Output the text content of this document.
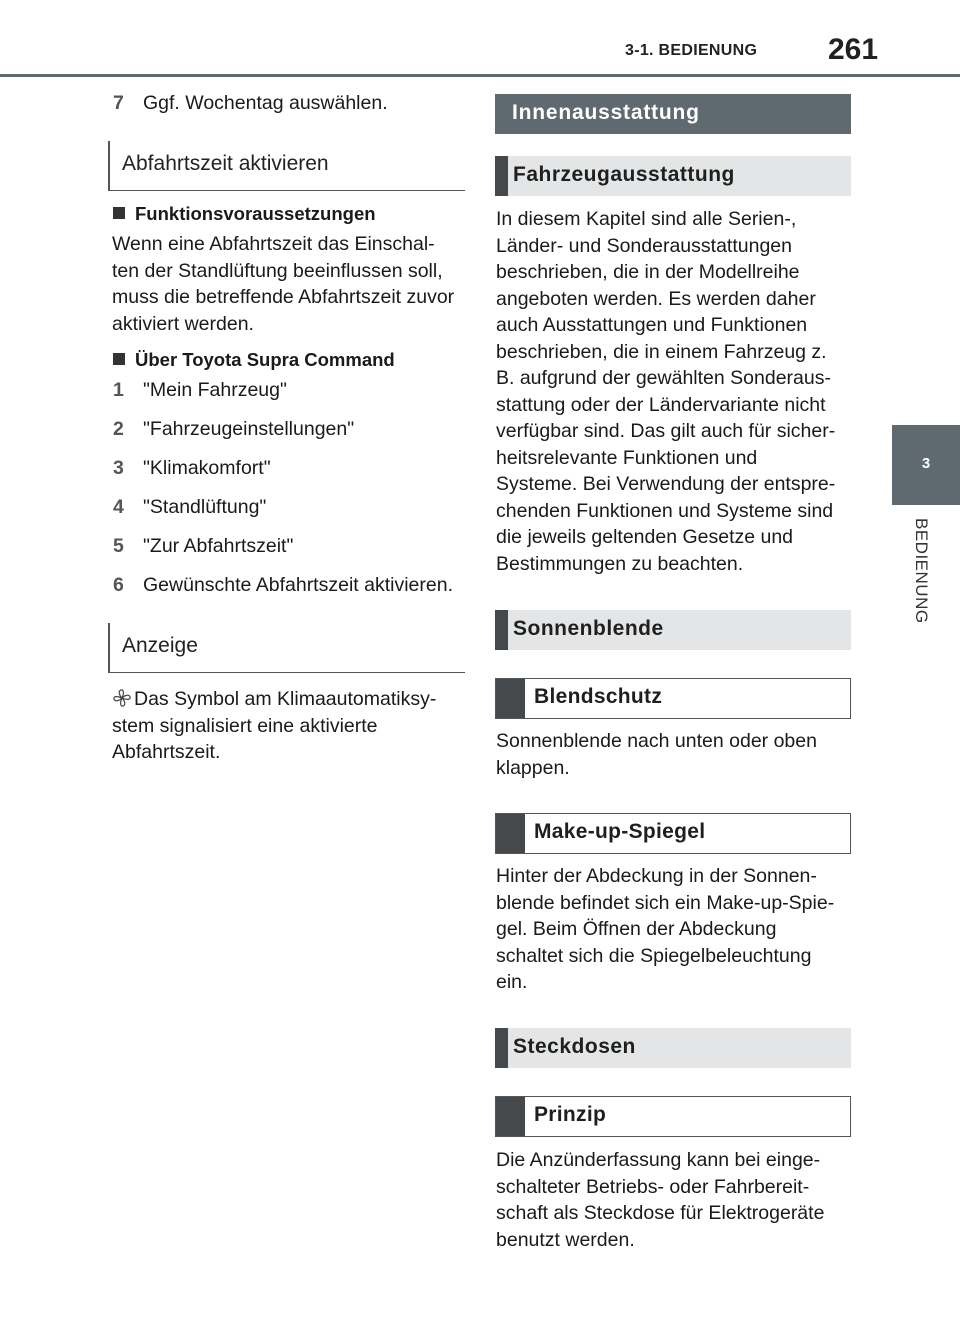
3-1. BEDIENUNG 261
3
BEDIENUNG
7 Ggf. Wochentag auswählen.
Abfahrtszeit aktivieren
Funktionsvoraussetzungen
Wenn eine Abfahrtszeit das Einschal-
ten der Standlüftung beeinflussen soll,
muss die betreffende Abfahrtszeit zuvor
aktiviert werden.
Über Toyota Supra Command
1 "Mein Fahrzeug"
2 "Fahrzeugeinstellungen"
3 "Klimakomfort"
4 "Standlüftung"
5 "Zur Abfahrtszeit"
6 Gewünschte Abfahrtszeit aktivieren.
Anzeige
Das Symbol am Klimaautomatiksy-
stem signalisiert eine aktivierte
Abfahrtszeit.
Innenausstattung
Fahrzeugausstattung
In diesem Kapitel sind alle Serien-,
Länder- und Sonderausstattungen
beschrieben, die in der Modellreihe
angeboten werden. Es werden daher
auch Ausstattungen und Funktionen
beschrieben, die in einem Fahrzeug z.
B. aufgrund der gewählten Sonderaus-
stattung oder der Ländervariante nicht
verfügbar sind. Das gilt auch für sicher-
heitsrelevante Funktionen und
Systeme. Bei Verwendung der entspre-
chenden Funktionen und Systeme sind
die jeweils geltenden Gesetze und
Bestimmungen zu beachten.
Sonnenblende
Blendschutz
Sonnenblende nach unten oder oben
klappen.
Make-up-Spiegel
Hinter der Abdeckung in der Sonnen-
blende befindet sich ein Make-up-Spie-
gel. Beim Öffnen der Abdeckung
schaltet sich die Spiegelbeleuchtung
ein.
Steckdosen
Prinzip
Die Anzünderfassung kann bei einge-
schalteter Betriebs- oder Fahrbereit-
schaft als Steckdose für Elektrogeräte
benutzt werden.
